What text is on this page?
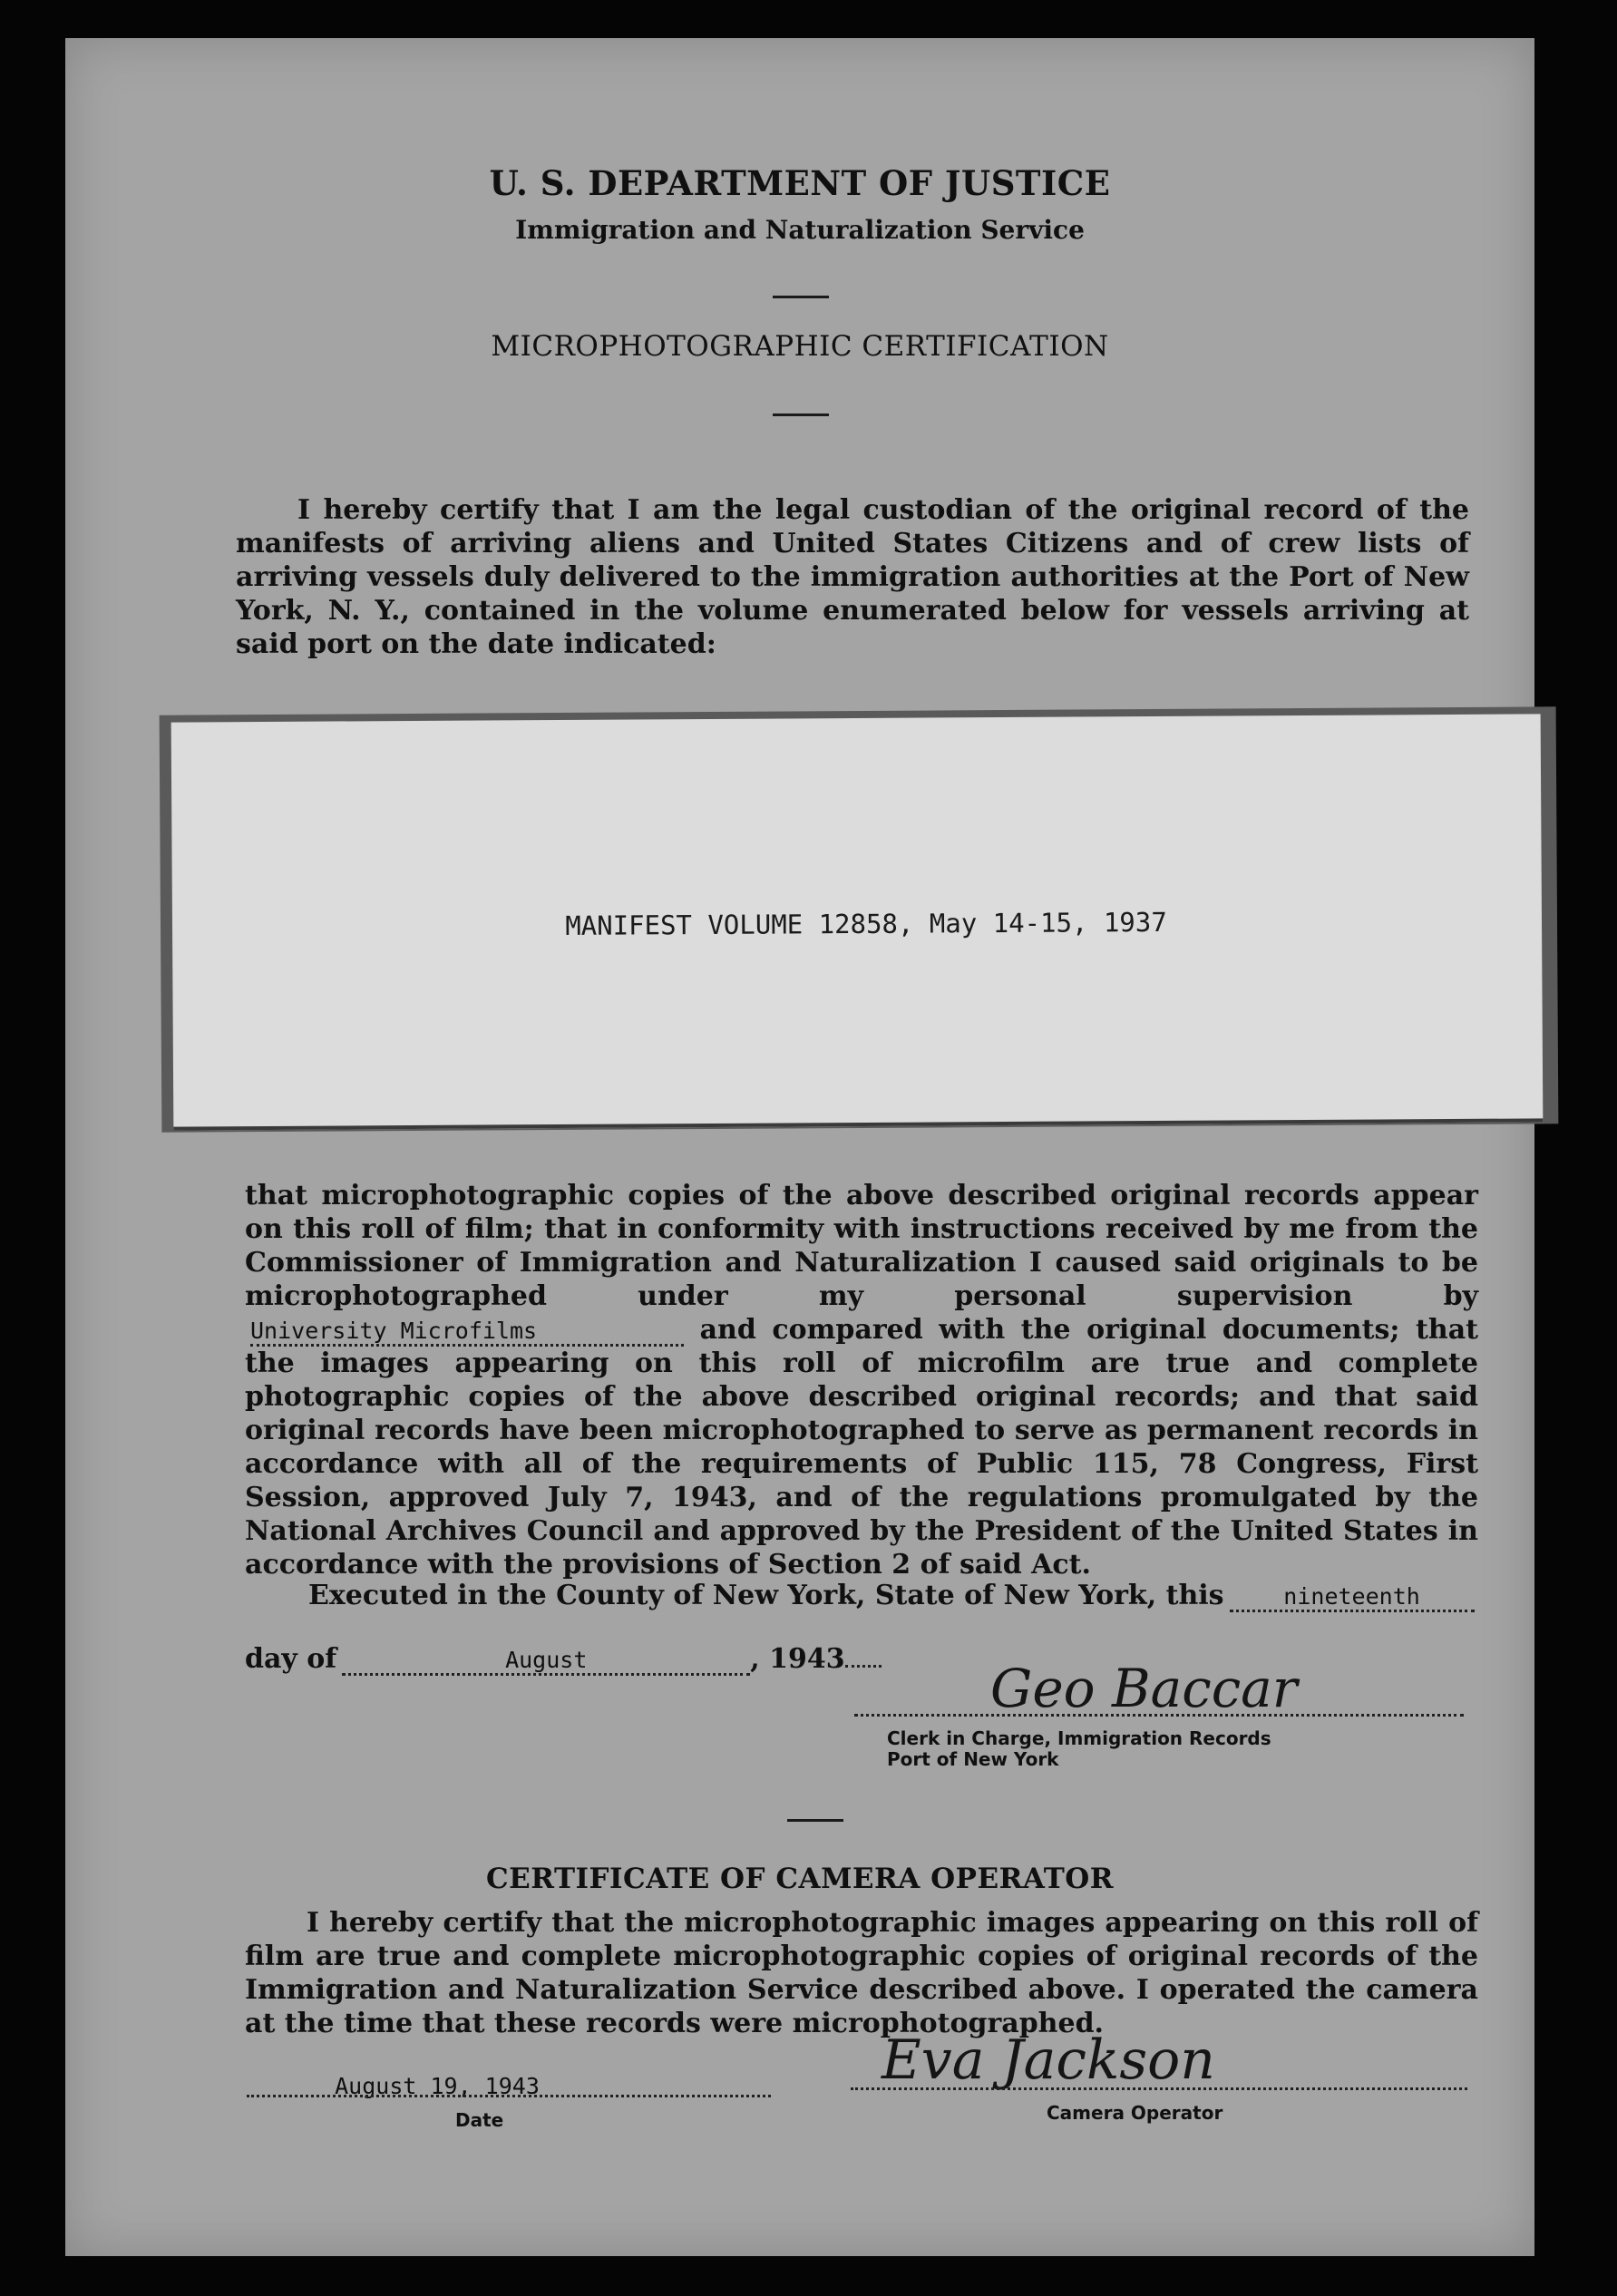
U. S. DEPARTMENT OF JUSTICE
Immigration and Naturalization Service
MICROPHOTOGRAPHIC CERTIFICATION
I hereby certify that I am the legal custodian of the original record of the manifests of arriving aliens and United States Citizens and of crew lists of arriving vessels duly delivered to the immigration authorities at the Port of New York, N. Y., contained in the volume enumerated below for vessels arriving at said port on the date indicated:
MANIFEST VOLUME 12858, May 14-15, 1937
that microphotographic copies of the above described original records appear on this roll of film; that in conformity with instructions received by me from the Commissioner of Immigration and Naturalization I caused said originals to be microphotographed under my personal supervision byUniversity Microfilms	and compared with the original documents; that the images appearing on this roll of microfilm are true and complete photographic copies of the above described original records; and that said original records have been microphotographed to serve as permanent records in accordance with all of the requirements of Public 115, 78 Congress, First Session, approved July 7, 1943, and of the regulations promulgated by the National Archives Council and approved by the President of the United States in accordance with the provisions of Section 2 of said Act.
Executed in the County of New York, State of New York, this	nineteenth
day of	August	, 1943	Geo Baccar
Clerk in Charge, Immigration Records
Port of New York
CERTIFICATE OF CAMERA OPERATOR
I hereby certify that the microphotographic images appearing on this roll of film are true and complete microphotographic copies of original records of the Immigration and Naturalization Service described above. I operated the camera at the time that these records were microphotographed.
August 19, 1943
Date
Eva Jackson
Camera Operator
